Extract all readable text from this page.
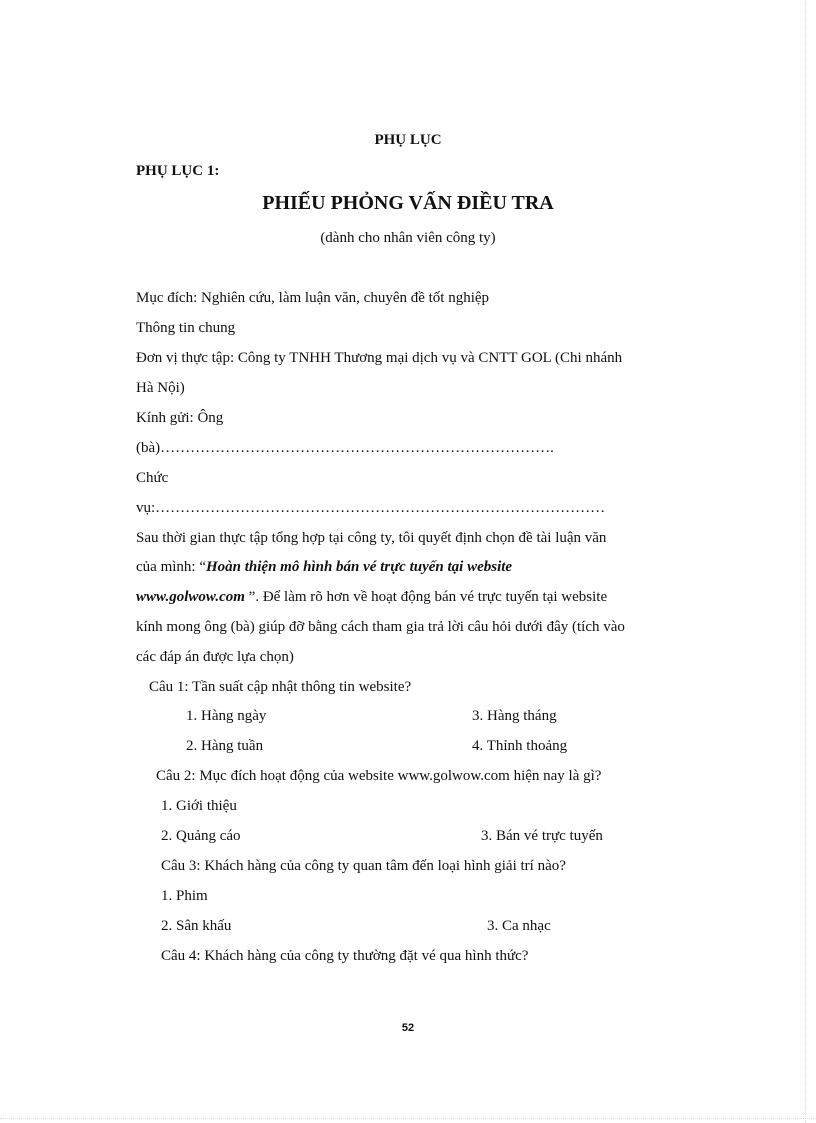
PHỤ LỤC
PHỤ LỤC 1:
PHIẾU PHỎNG VẤN ĐIỀU TRA
(dành cho nhân viên công ty)
Mục đích: Nghiên cứu, làm luận văn, chuyên đề tốt nghiệp
Thông tin chung
Đơn vị thực tập: Công ty TNHH Thương mại dịch vụ và CNTT GOL (Chi nhánh
Hà Nội)
Kính gửi: Ông
(bà)…………………………………………………………………….
Chức
vụ:………………………………………………………………………………
Sau thời gian thực tập tổng hợp tại công ty, tôi quyết định chọn đề tài luận văn
của mình: “Hoàn thiện mô hình bán vé trực tuyến tại website
www.golwow.com ”. Để làm rõ hơn về hoạt động bán vé trực tuyến tại website
kính mong ông (bà) giúp đỡ bằng cách tham gia trả lời câu hỏi dưới đây (tích vào
các đáp án được lựa chọn)
Câu 1: Tần suất cập nhật thông tin website?
1. Hàng ngày	3. Hàng tháng
2. Hàng tuần	4. Thỉnh thoảng
Câu 2: Mục đích hoạt động của website www.golwow.com hiện nay là gì?
1. Giới thiệu
2. Quảng cáo	3. Bán vé trực tuyến
Câu 3: Khách hàng của công ty quan tâm đến loại hình giải trí nào?
1. Phim
2. Sân khấu	3. Ca nhạc
Câu 4: Khách hàng của công ty thường đặt vé qua hình thức?
52
